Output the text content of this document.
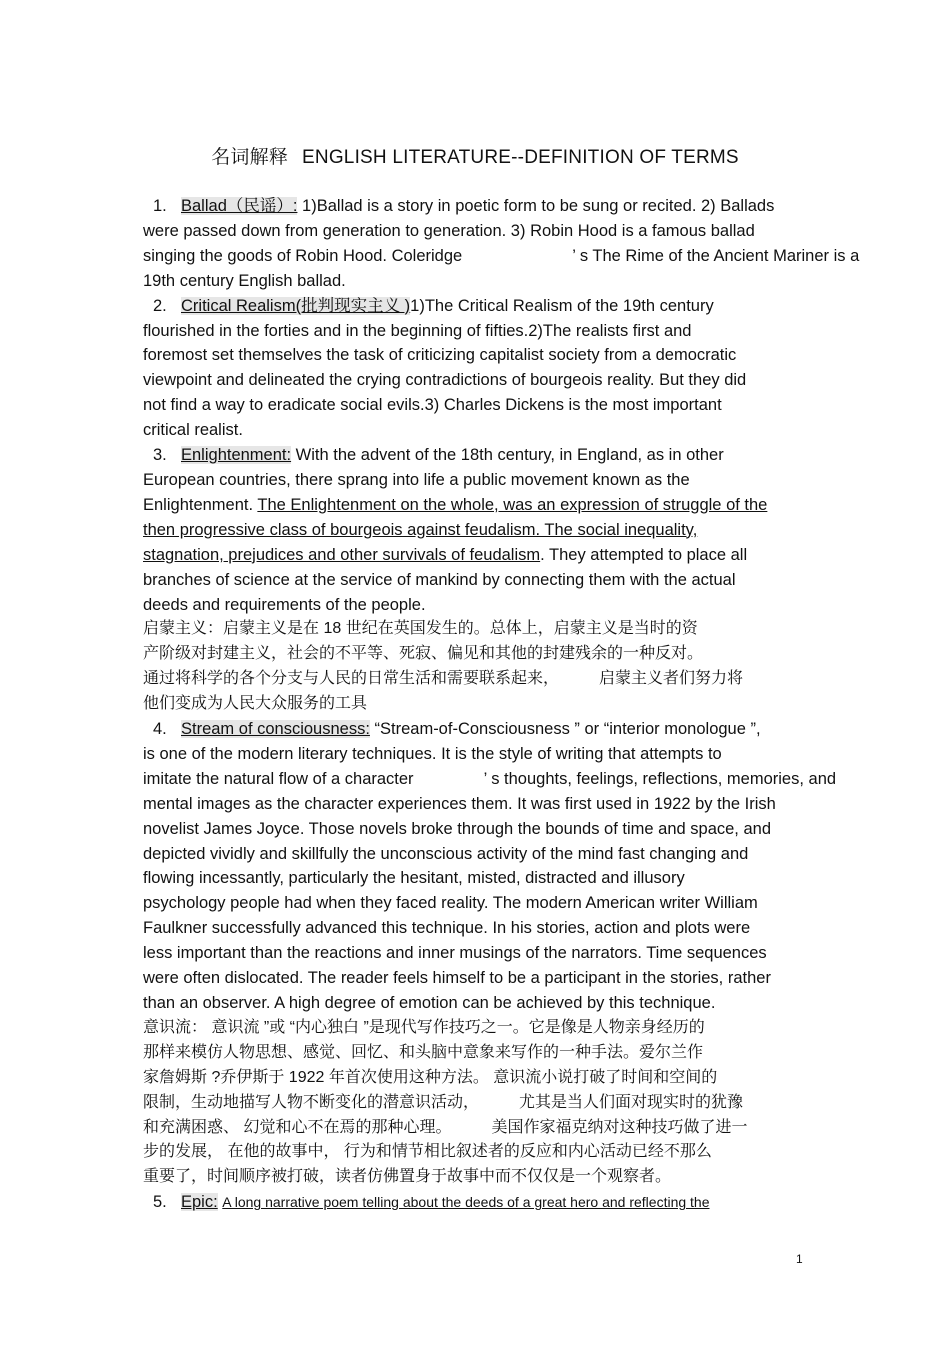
名词解释 ENGLISH LITERATURE--DEFINITION OF TERMS
1. Ballad（民谣）: 1)Ballad is a story in poetic form to be sung or recited. 2) Ballads
were passed down from generation to generation. 3) Robin Hood is a famous ballad
singing the goods of Robin Hood. Coleridge	’ s The Rime of the Ancient Mariner is a
19th century English ballad.
2. Critical Realism(批判现实主义 )1)The Critical Realism of the 19th century
flourished in the forties and in the beginning of fifties.2)The realists first and
foremost set themselves the task of criticizing capitalist society from a democratic
viewpoint and delineated the crying contradictions of bourgeois reality. But they did
not find a way to eradicate social evils.3) Charles Dickens is the most important
critical realist.
3. Enlightenment: With the advent of the 18th century, in England, as in other
European countries, there sprang into life a public movement known as the
Enlightenment. The Enlightenment on the whole, was an expression of struggle of the
then progressive class of bourgeois against feudalism. The social inequality,
stagnation, prejudices and other survivals of feudalism. They attempted to place all
branches of science at the service of mankind by connecting them with the actual
deeds and requirements of the people.
启蒙主义：启蒙主义是在 18 世纪在英国发生的。总体上，启蒙主义是当时的资
产阶级对封建主义，社会的不平等、死寂、偏见和其他的封建残余的一种反对。
通过将科学的各个分支与人民的日常生活和需要联系起来，	启蒙主义者们努力将
他们变成为人民大众服务的工具
4. Stream of consciousness: “Stream-of-Consciousness ” or “interior monologue ”,
is one of the modern literary techniques. It is the style of writing that attempts to
imitate the natural flow of a character	’ s thoughts, feelings, reflections, memories, and
mental images as the character experiences them. It was first used in 1922 by the Irish
novelist James Joyce. Those novels broke through the bounds of time and space, and
depicted vividly and skillfully the unconscious activity of the mind fast changing and
flowing incessantly, particularly the hesitant, misted, distracted and illusory
psychology people had when they faced reality. The modern American writer William
Faulkner successfully advanced this technique. In his stories, action and plots were
less important than the reactions and inner musings of the narrators. Time sequences
were often dislocated. The reader feels himself to be a participant in the stories, rather
than an observer. A high degree of emotion can be achieved by this technique.
意识流： 意识流 ”或 “内心独白 ”是现代写作技巧之一。它是像是人物亲身经历的
那样来模仿人物思想、感觉、回忆、和头脑中意象来写作的一种手法。爱尔兰作
家詹姆斯 ?乔伊斯于 1922 年首次使用这种方法。 意识流小说打破了时间和空间的
限制，生动地描写人物不断变化的潜意识活动，	尤其是当人们面对现实时的犹豫
和充满困惑、 幻觉和心不在焉的那种心理。	美国作家福克纳对这种技巧做了进一
步的发展， 在他的故事中， 行为和情节相比叙述者的反应和内心活动已经不那么
重要了，时间顺序被打破，读者仿佛置身于故事中而不仅仅是一个观察者。
5. Epic: A long narrative poem telling about the deeds of a great hero and reflecting the
1
